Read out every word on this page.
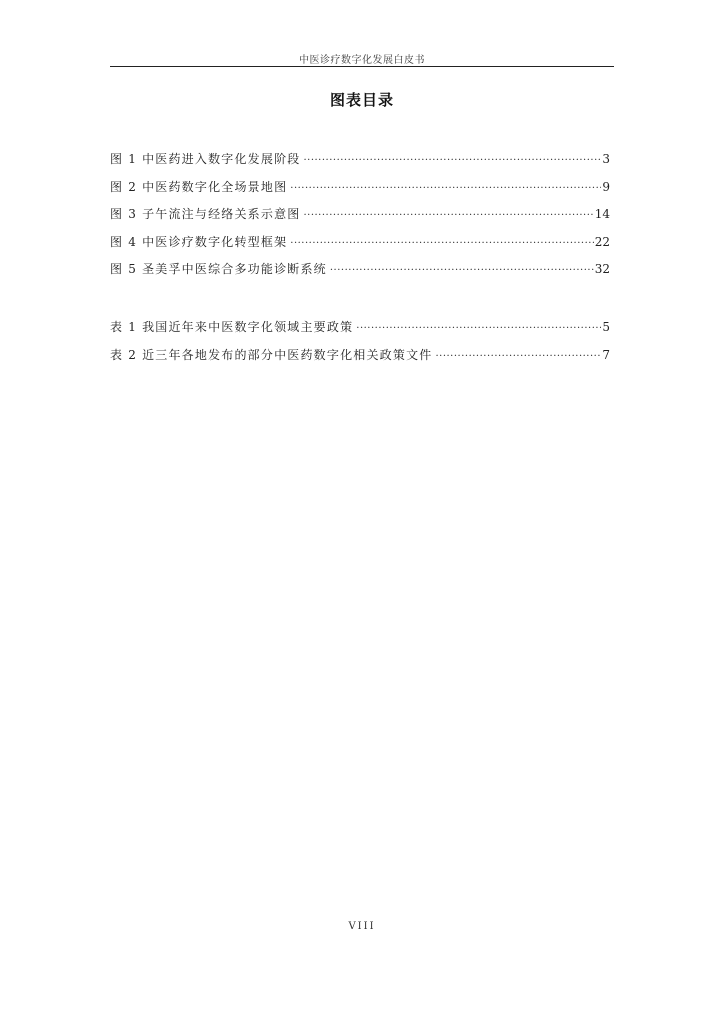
中医诊疗数字化发展白皮书
图表目录
图 1 中医药进入数字化发展阶段 ·····	3
图 2 中医药数字化全场景地图 ·····	9
图 3 子午流注与经络关系示意图 ·····	14
图 4 中医诊疗数字化转型框架 ·····	22
图 5 圣美孚中医综合多功能诊断系统 ·····	32
表 1 我国近年来中医数字化领域主要政策 ·····	5
表 2 近三年各地发布的部分中医药数字化相关政策文件 ·····	7
VIII
